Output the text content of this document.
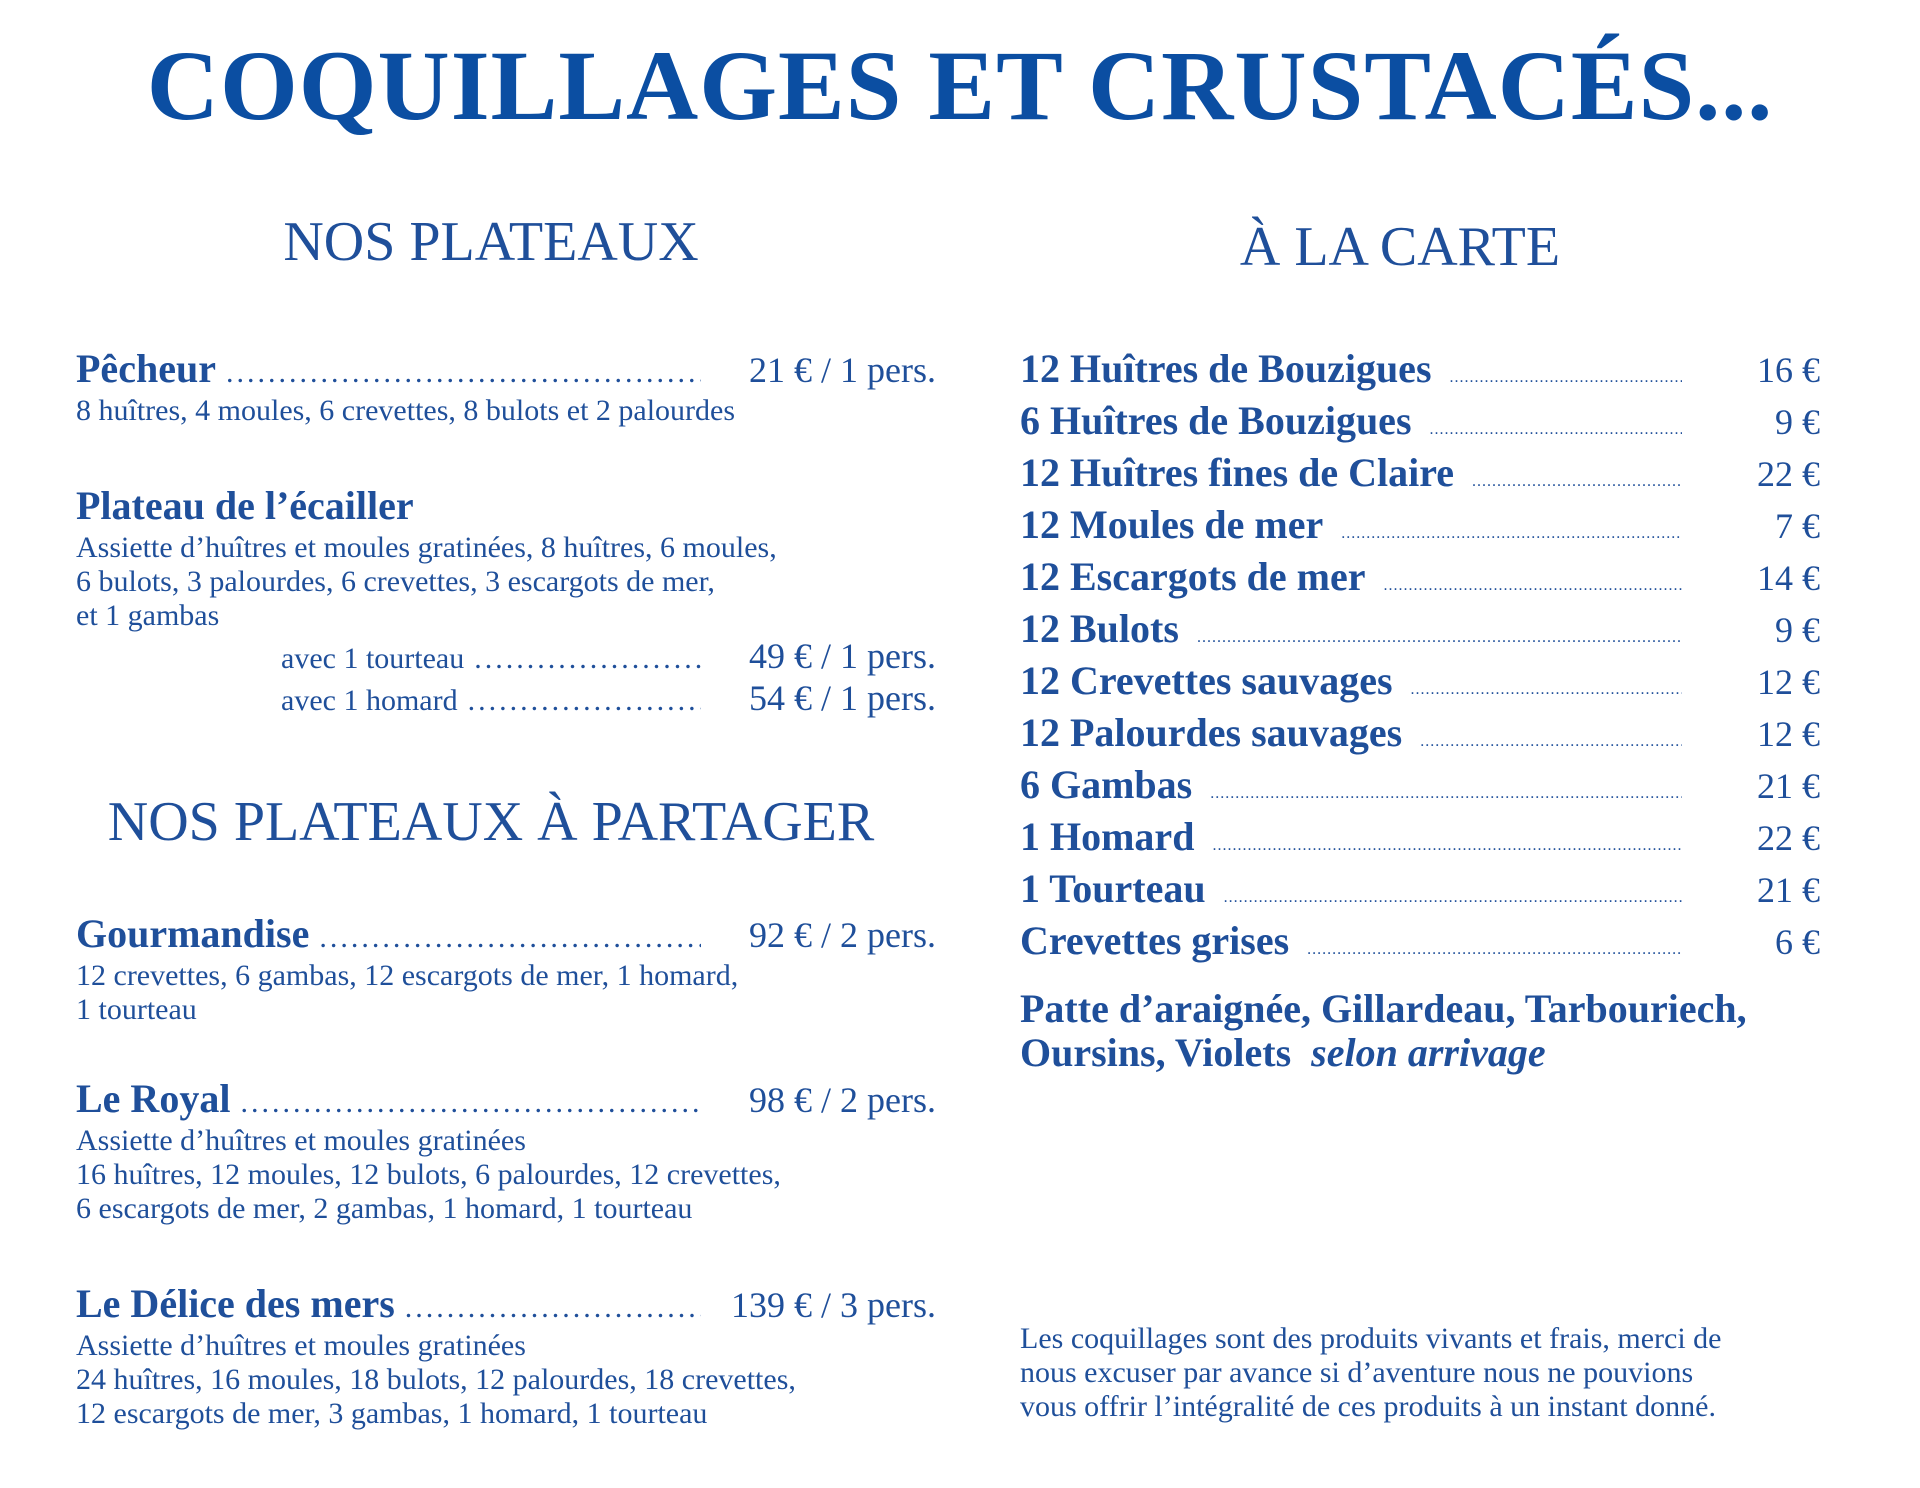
COQUILLAGES ET CRUSTACÉS...
NOS PLATEAUX
Pêcheur .....	21 € / 1 pers.
8 huîtres, 4 moules, 6 crevettes, 8 bulots et 2 palourdes
Plateau de l’écailler
Assiette d’huîtres et moules gratinées, 8 huîtres, 6 moules,
6 bulots, 3 palourdes, 6 crevettes, 3 escargots de mer,
et 1 gambas
avec 1 tourteau .....	49 € / 1 pers.
avec 1 homard .....	54 € / 1 pers.
NOS PLATEAUX À PARTAGER
Gourmandise .....	92 € / 2 pers.
12 crevettes, 6 gambas, 12 escargots de mer, 1 homard,
1 tourteau
Le Royal .....	98 € / 2 pers.
Assiette d’huîtres et moules gratinées
16 huîtres, 12 moules, 12 bulots, 6 palourdes, 12 crevettes,
6 escargots de mer, 2 gambas, 1 homard, 1 tourteau
Le Délice des mers .....	139 € / 3 pers.
Assiette d’huîtres et moules gratinées
24 huîtres, 16 moules, 18 bulots, 12 palourdes, 18 crevettes,
12 escargots de mer, 3 gambas, 1 homard, 1 tourteau
À LA CARTE
12 Huîtres de Bouzigues .....	16 €
6 Huîtres de Bouzigues .....	9 €
12 Huîtres fines de Claire .....	22 €
12 Moules de mer .....	7 €
12 Escargots de mer .....	14 €
12 Bulots .....	9 €
12 Crevettes sauvages .....	12 €
12 Palourdes sauvages .....	12 €
6 Gambas .....	21 €
1 Homard .....	22 €
1 Tourteau .....	21 €
Crevettes grises .....	6 €
Patte d’araignée, Gillardeau, Tarbouriech,
Oursins, Violets selon arrivage
Les coquillages sont des produits vivants et frais, merci de
nous excuser par avance si d’aventure nous ne pouvions
vous offrir l’intégralité de ces produits à un instant donné.
